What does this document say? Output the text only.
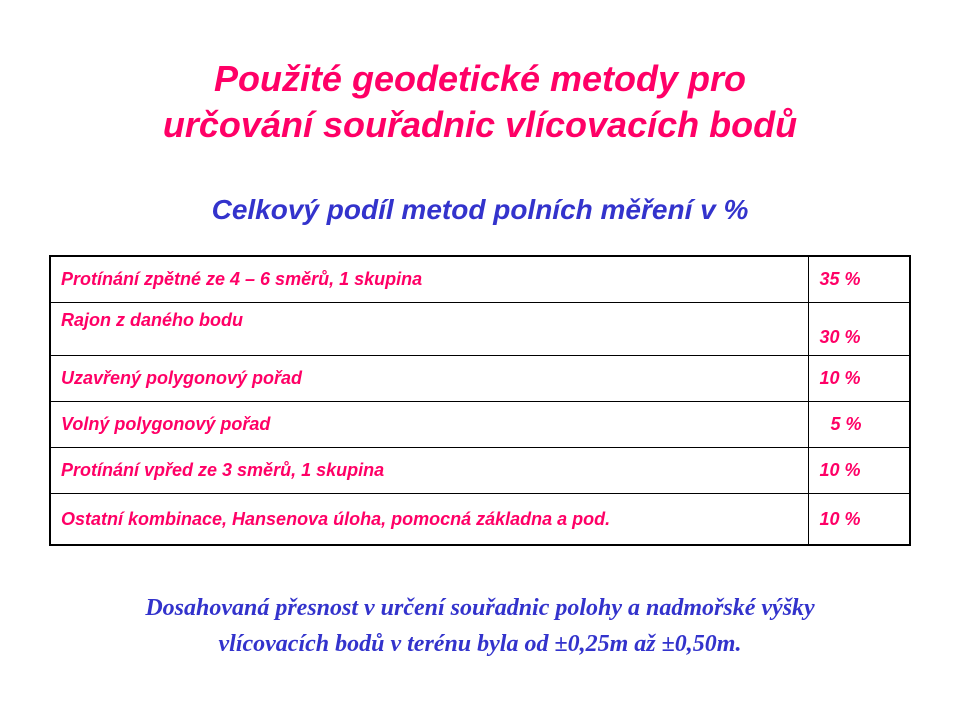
Použité geodetické metody pro
určování souřadnic vlícovacích bodů
Celkový podíl metod polních měření v %
Protínání zpětné ze 4 – 6 směrů, 1 skupina	35 %
Rajon z daného bodu	30 %
Uzavřený polygonový pořad	10 %
Volný polygonový pořad	5 %
Protínání vpřed ze 3 směrů, 1 skupina	10 %
Ostatní kombinace, Hansenova úloha, pomocná základna a pod.	10 %
Dosahovaná přesnost v určení souřadnic polohy a nadmořské výšky
vlícovacích bodů v terénu byla od ±0,25m až ±0,50m.
